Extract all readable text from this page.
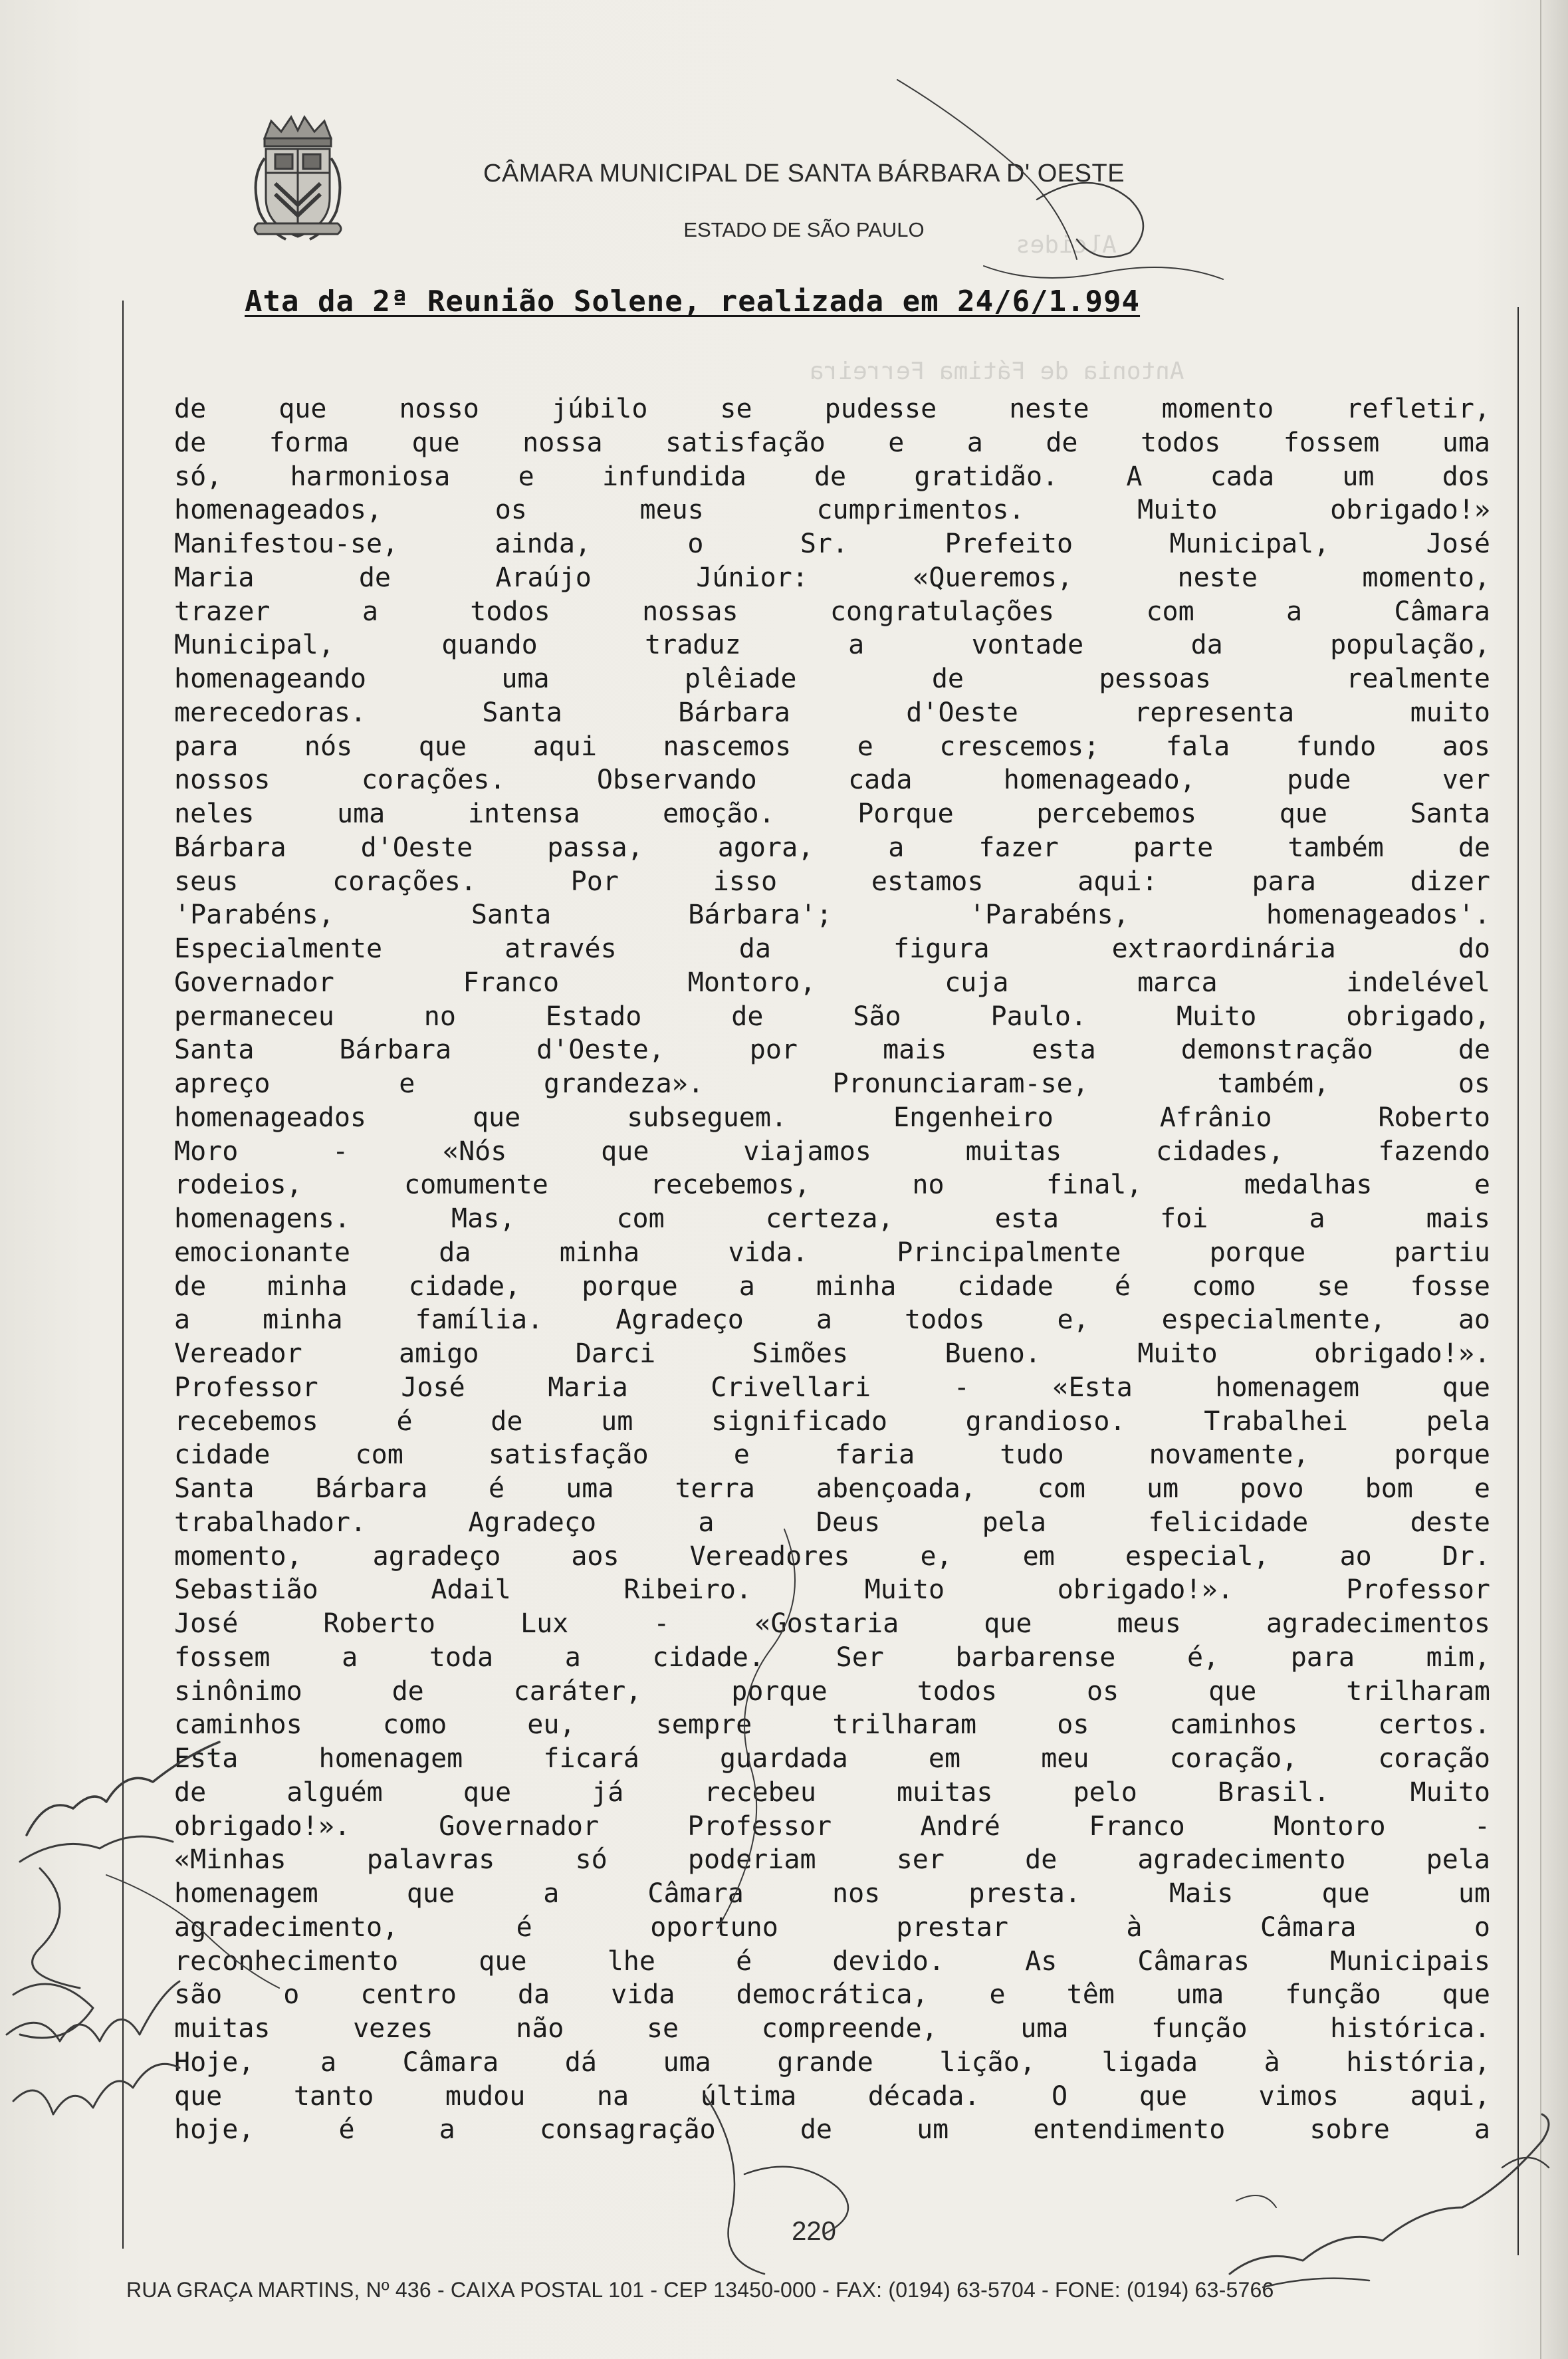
Alcides
Antonia de Fátima Ferreira
CÂMARA MUNICIPAL DE SANTA BÁRBARA D' OESTE
ESTADO DE SÃO PAULO
Ata da 2ª Reunião Solene, realizada em 24/6/1.994
de que nosso júbilo se pudesse neste momento refletir,
de forma que nossa satisfação e a de todos fossem uma
só, harmoniosa e infundida de gratidão. A cada um dos
homenageados, os meus cumprimentos. Muito obrigado!»
Manifestou-se, ainda, o Sr. Prefeito Municipal, José
Maria de Araújo Júnior: «Queremos, neste momento,
trazer a todos nossas congratulações com a Câmara
Municipal, quando traduz a vontade da população,
homenageando uma plêiade de pessoas realmente
merecedoras. Santa Bárbara d'Oeste representa muito
para nós que aqui nascemos e crescemos; fala fundo aos
nossos corações. Observando cada homenageado, pude ver
neles uma intensa emoção. Porque percebemos que Santa
Bárbara d'Oeste passa, agora, a fazer parte também de
seus corações. Por isso estamos aqui: para dizer
'Parabéns, Santa Bárbara'; 'Parabéns, homenageados'.
Especialmente através da figura extraordinária do
Governador Franco Montoro, cuja marca indelével
permaneceu no Estado de São Paulo. Muito obrigado,
Santa Bárbara d'Oeste, por mais esta demonstração de
apreço e grandeza». Pronunciaram-se, também, os
homenageados que subseguem. Engenheiro Afrânio Roberto
Moro - «Nós que viajamos muitas cidades, fazendo
rodeios, comumente recebemos, no final, medalhas e
homenagens. Mas, com certeza, esta foi a mais
emocionante da minha vida. Principalmente porque partiu
de minha cidade, porque a minha cidade é como se fosse
a minha família. Agradeço a todos e, especialmente, ao
Vereador amigo Darci Simões Bueno. Muito obrigado!».
Professor José Maria Crivellari - «Esta homenagem que
recebemos é de um significado grandioso. Trabalhei pela
cidade com satisfação e faria tudo novamente, porque
Santa Bárbara é uma terra abençoada, com um povo bom e
trabalhador. Agradeço a Deus pela felicidade deste
momento, agradeço aos Vereadores e, em especial, ao Dr.
Sebastião Adail Ribeiro. Muito obrigado!». Professor
José Roberto Lux - «Gostaria que meus agradecimentos
fossem a toda a cidade. Ser barbarense é, para mim,
sinônimo de caráter, porque todos os que trilharam
caminhos como eu, sempre trilharam os caminhos certos.
Esta homenagem ficará guardada em meu coração, coração
de alguém que já recebeu muitas pelo Brasil. Muito
obrigado!». Governador Professor André Franco Montoro -
«Minhas palavras só poderiam ser de agradecimento pela
homenagem que a Câmara nos presta. Mais que um
agradecimento, é oportuno prestar à Câmara o
reconhecimento que lhe é devido. As Câmaras Municipais
são o centro da vida democrática, e têm uma função que
muitas vezes não se compreende, uma função histórica.
Hoje, a Câmara dá uma grande lição, ligada à história,
que tanto mudou na última década. O que vimos aqui,
hoje, é a consagração de um entendimento sobre a
220
RUA GRAÇA MARTINS, Nº 436 - CAIXA POSTAL 101 - CEP 13450-000 - FAX: (0194) 63-5704 - FONE: (0194) 63-5766
